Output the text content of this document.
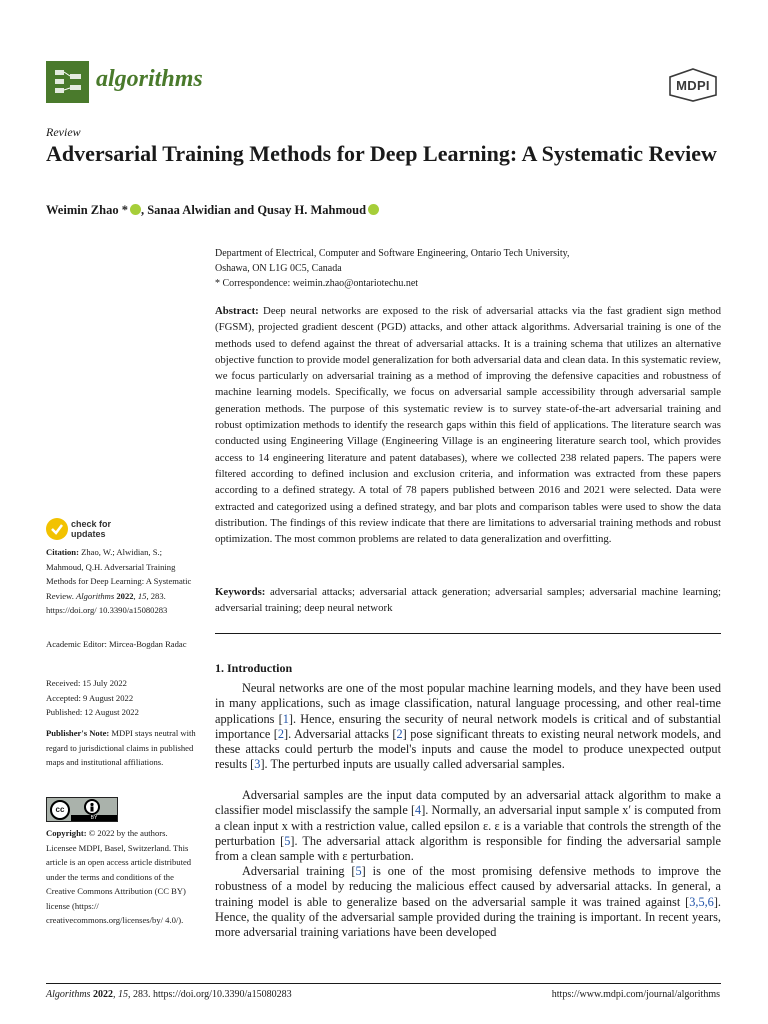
algorithms	MDPI
Review
Adversarial Training Methods for Deep Learning: A Systematic Review
Weimin Zhao * , Sanaa Alwidian and Qusay H. Mahmoud
Department of Electrical, Computer and Software Engineering, Ontario Tech University,
Oshawa, ON L1G 0C5, Canada
* Correspondence: weimin.zhao@ontariotechu.net
Abstract: Deep neural networks are exposed to the risk of adversarial attacks via the fast gradient sign method (FGSM), projected gradient descent (PGD) attacks, and other attack algorithms. Adversarial training is one of the methods used to defend against the threat of adversarial attacks. It is a training schema that utilizes an alternative objective function to provide model generalization for both adversarial data and clean data. In this systematic review, we focus particularly on adversarial training as a method of improving the defensive capacities and robustness of machine learning models. Specifically, we focus on adversarial sample accessibility through adversarial sample generation methods. The purpose of this systematic review is to survey state-of-the-art adversarial training and robust optimization methods to identify the research gaps within this field of applications. The literature search was conducted using Engineering Village (Engineering Village is an engineering literature search tool, which provides access to 14 engineering literature and patent databases), where we collected 238 related papers. The papers were filtered according to defined inclusion and exclusion criteria, and information was extracted from these papers according to a defined strategy. A total of 78 papers published between 2016 and 2021 were selected. Data were extracted and categorized using a defined strategy, and bar plots and comparison tables were used to show the data distribution. The findings of this review indicate that there are limitations to adversarial training methods and robust optimization. The most common problems are related to data generalization and overfitting.
Keywords: adversarial attacks; adversarial attack generation; adversarial samples; adversarial machine learning; adversarial training; deep neural network
1. Introduction
Neural networks are one of the most popular machine learning models, and they have been used in many applications, such as image classification, natural language processing, and other real-time applications [1]. Hence, ensuring the security of neural network models is critical and of substantial importance [2]. Adversarial attacks [2] pose significant threats to existing neural network models, and these attacks could perturb the model's inputs and cause the model to produce unexpected output results [3]. The perturbed inputs are usually called adversarial samples.
Adversarial samples are the input data computed by an adversarial attack algorithm to make a classifier model misclassify the sample [4]. Normally, an adversarial input sample x′ is computed from a clean input x with a restriction value, called epsilon ε. ε is a variable that controls the strength of the perturbation [5]. The adversarial attack algorithm is responsible for finding the adversarial sample from a clean sample with ε perturbation.
Adversarial training [5] is one of the most promising defensive methods to improve the robustness of a model by reducing the malicious effect caused by adversarial attacks. In general, a training model is able to generalize based on the adversarial sample it was trained against [3,5,6]. Hence, the quality of the adversarial sample provided during the training is important. In recent years, more adversarial training variations have been developed
check for
updates
Citation: Zhao, W.; Alwidian, S.; Mahmoud, Q.H. Adversarial Training Methods for Deep Learning: A Systematic Review. Algorithms 2022, 15, 283. https://doi.org/ 10.3390/a15080283
Academic Editor: Mircea-Bogdan Radac
Received: 15 July 2022
Accepted: 9 August 2022
Published: 12 August 2022
Publisher's Note: MDPI stays neutral with regard to jurisdictional claims in published maps and institutional affiliations.
cc
BY
Copyright: © 2022 by the authors. Licensee MDPI, Basel, Switzerland. This article is an open access article distributed under the terms and conditions of the Creative Commons Attribution (CC BY) license (https:// creativecommons.org/licenses/by/ 4.0/).
Algorithms 2022, 15, 283. https://doi.org/10.3390/a15080283	https://www.mdpi.com/journal/algorithms
